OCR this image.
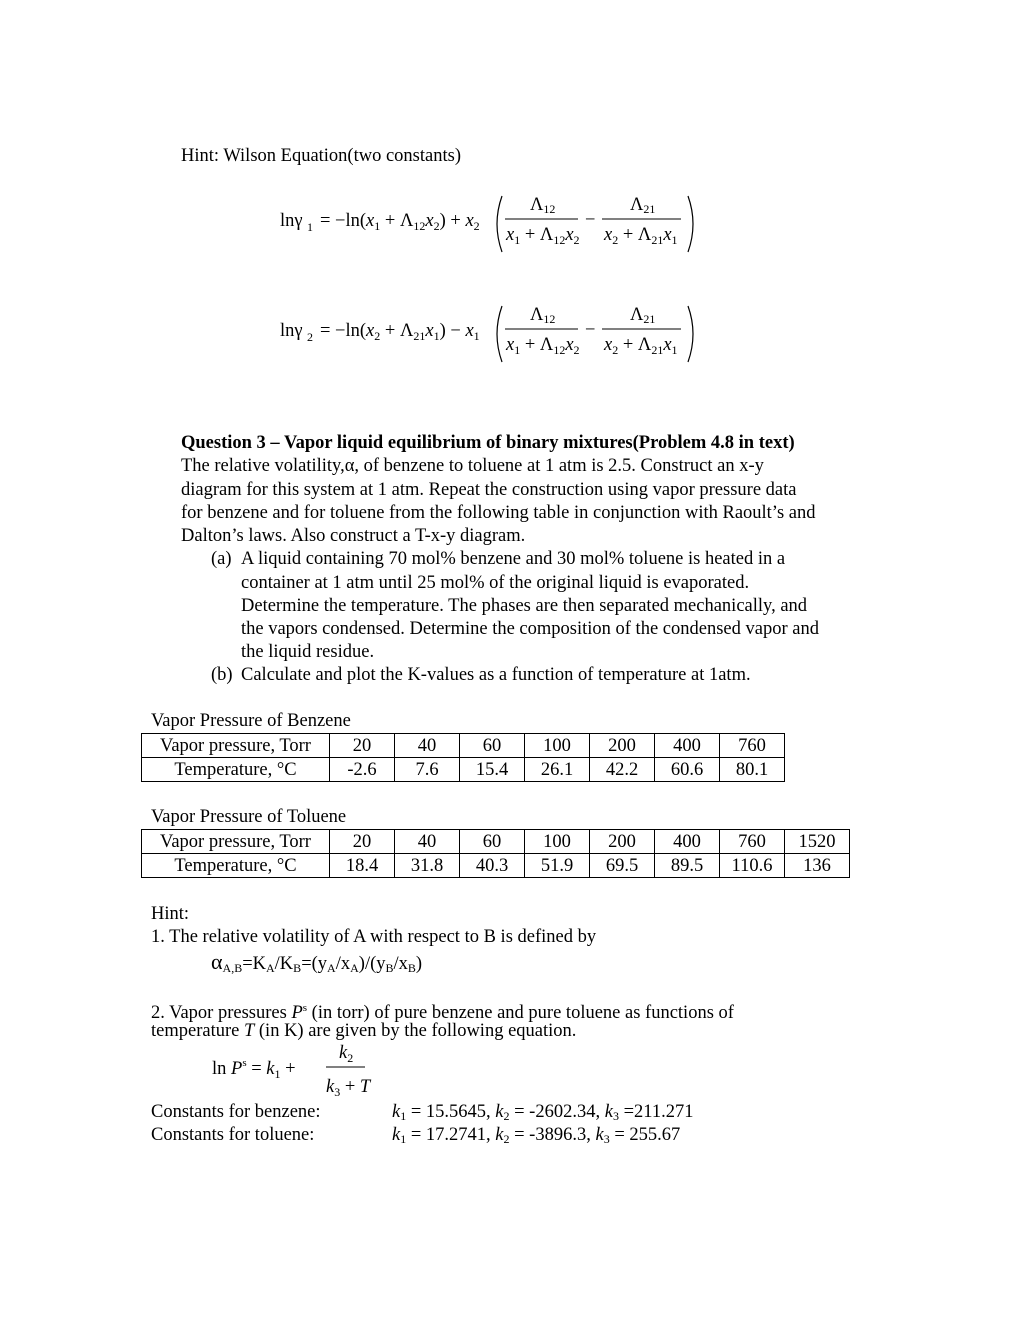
Hint: Wilson Equation(two constants)
lnγ $1 = -\ln(x_1 + \Lambda_{12}x_2) + x_2$
Λ12
$x_1 + \Lambda_{12}x_2$
−
Λ21
$x_2 + \Lambda_{21}x_1$
lnγ $2 = -\ln(x_2 + \Lambda_{21}x_1) - x_1$
Λ12
$x_1 + \Lambda_{12}x_2$
−
Λ21
$x_2 + \Lambda_{21}x_1$
Question 3 – Vapor liquid equilibrium of binary mixtures(Problem 4.8 in text)
The relative volatility,α, of benzene to toluene at 1 atm is 2.5. Construct an x-y
diagram for this system at 1 atm. Repeat the construction using vapor pressure data
for benzene and for toluene from the following table in conjunction with Raoult’s and
Dalton’s laws. Also construct a T-x-y diagram.
(a) A liquid containing 70 mol% benzene and 30 mol% toluene is heated in a
container at 1 atm until 25 mol% of the original liquid is evaporated.
Determine the temperature. The phases are then separated mechanically, and
the vapors condensed. Determine the composition of the condensed vapor and
the liquid residue.
(b) Calculate and plot the K-values as a function of temperature at 1atm.
Vapor Pressure of Benzene
Vapor pressure, Torr	20	40	60	100	200	400	760
Temperature, °C	-2.6	7.6	15.4	26.1	42.2	60.6	80.1
Vapor Pressure of Toluene
Vapor pressure, Torr	20	40	60	100	200	400	760	1520
Temperature, °C	18.4	31.8	40.3	51.9	69.5	89.5	110.6	136
Hint:
1. The relative volatility of A with respect to B is defined by
$\alpha_{A,B}=K_A/K_B=(y_A/x_A)/(y_B/x_B)$
2. Vapor pressures $P^s$ (in torr) of pure benzene and pure toluene as functions of
temperature T (in K) are given by the following equation.
$\ln P^s = k_1$ +
$k_2$
$k_3 + T$
Constants for benzene:	$k_1 = 15.5645$, $k_2 = -2602.34$, $k_3 =211.271$
Constants for toluene:	$k_1 = 17.2741$, $k_2 = -3896.3$, $k_3 = 255.67$
